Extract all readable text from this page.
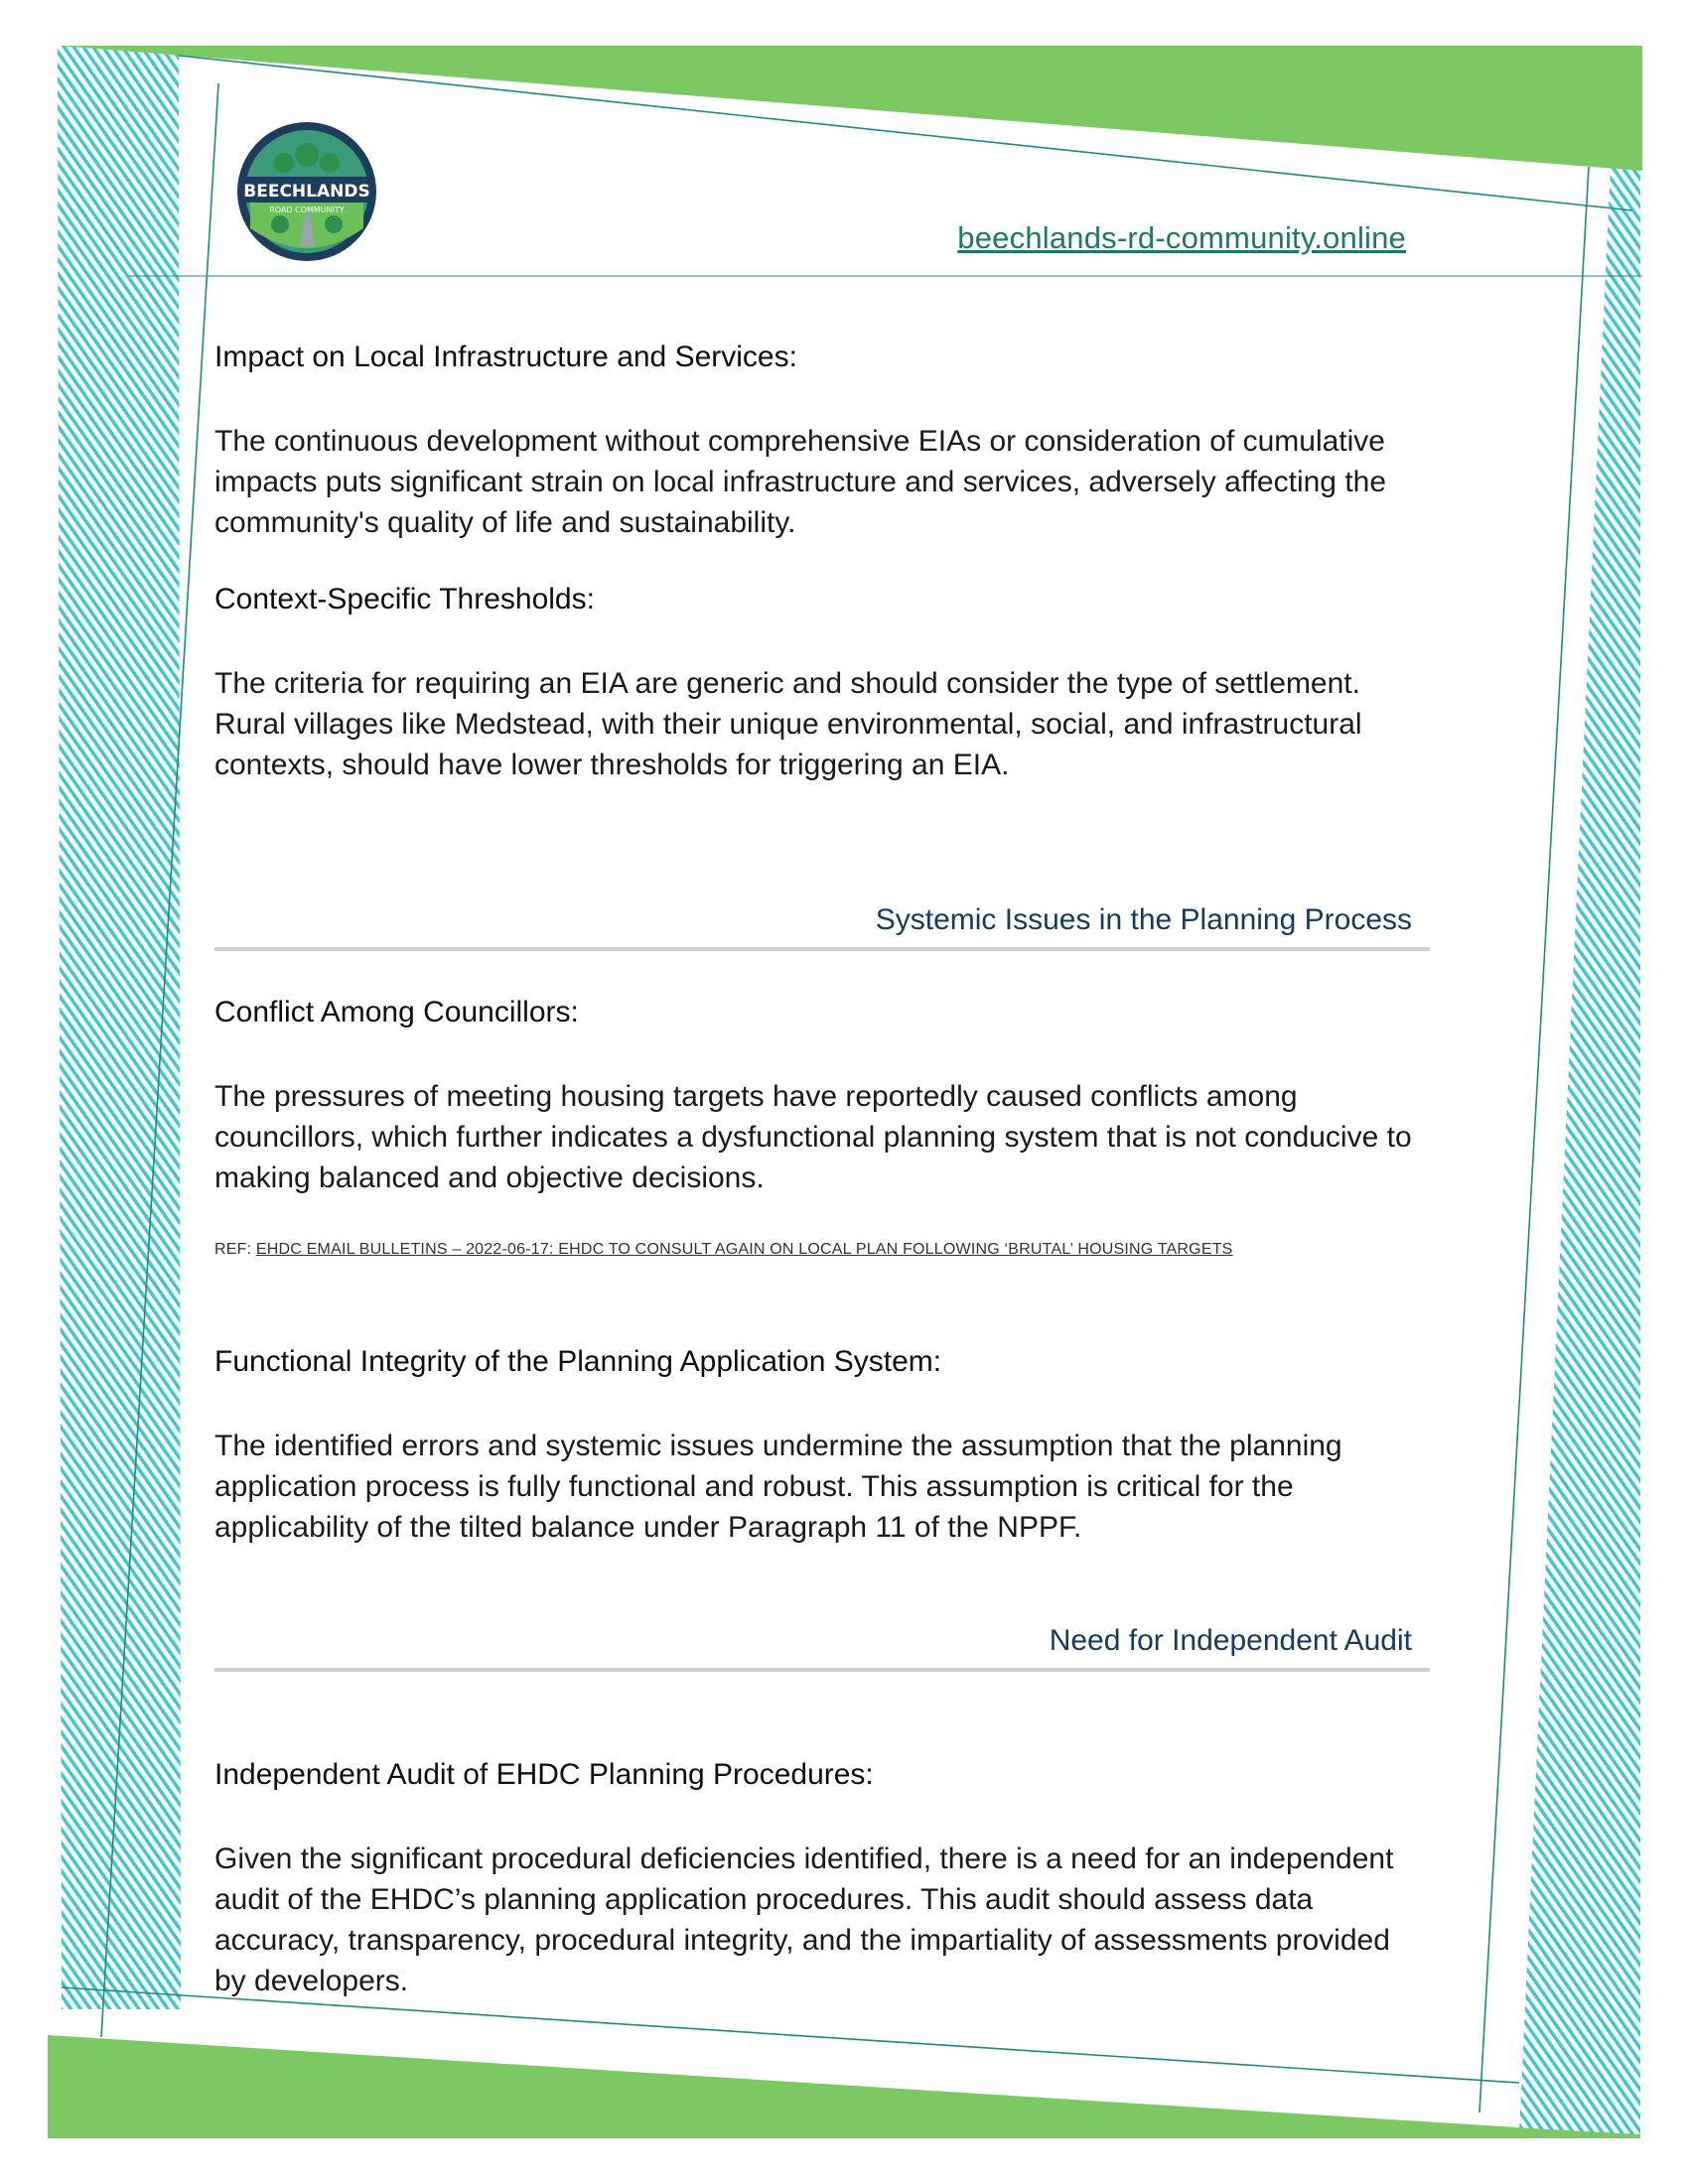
BEECHLANDS
ROAD COMMUNITY
beechlands-rd-community.online

Impact on Local Infrastructure and Services:

The continuous development without comprehensive EIAs or consideration of cumulative impacts puts significant strain on local infrastructure and services, adversely affecting the community's quality of life and sustainability.

Context-Specific Thresholds:

The criteria for requiring an EIA are generic and should consider the type of settlement. Rural villages like Medstead, with their unique environmental, social, and infrastructural contexts, should have lower thresholds for triggering an EIA.

Systemic Issues in the Planning Process

Conflict Among Councillors:

The pressures of meeting housing targets have reportedly caused conflicts among councillors, which further indicates a dysfunctional planning system that is not conducive to making balanced and objective decisions.

REF: EHDC EMAIL BULLETINS – 2022-06-17: EHDC TO CONSULT AGAIN ON LOCAL PLAN FOLLOWING ‘BRUTAL’ HOUSING TARGETS

Functional Integrity of the Planning Application System:

The identified errors and systemic issues undermine the assumption that the planning application process is fully functional and robust. This assumption is critical for the applicability of the tilted balance under Paragraph 11 of the NPPF.

Need for Independent Audit

Independent Audit of EHDC Planning Procedures:

Given the significant procedural deficiencies identified, there is a need for an independent audit of the EHDC’s planning application procedures. This audit should assess data accuracy, transparency, procedural integrity, and the impartiality of assessments provided by developers.
